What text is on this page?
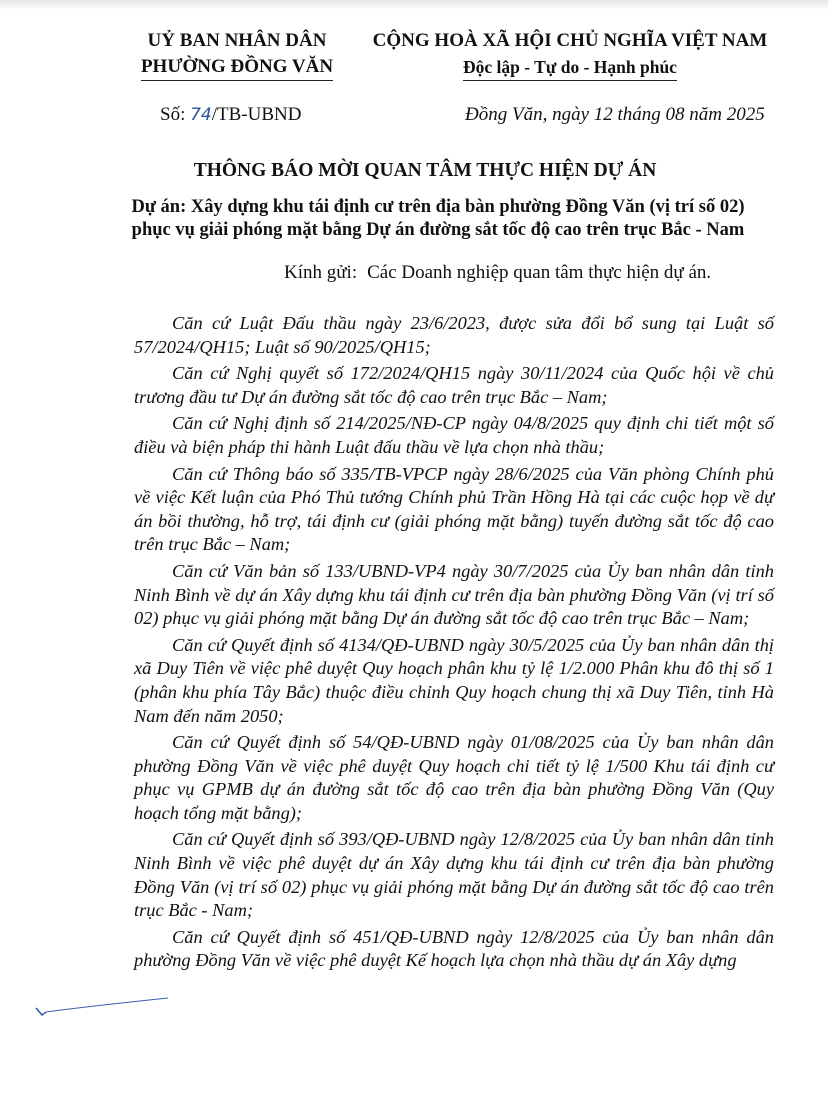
UỶ BAN NHÂN DÂN
PHƯỜNG ĐỒNG VĂN
CỘNG HOÀ XÃ HỘI CHỦ NGHĨA VIỆT NAM
Độc lập - Tự do - Hạnh phúc
Số: 74/TB-UBND	Đồng Văn, ngày 12 tháng 08 năm 2025
THÔNG BÁO MỜI QUAN TÂM THỰC HIỆN DỰ ÁN
Dự án: Xây dựng khu tái định cư trên địa bàn phường Đồng Văn (vị trí số 02)
phục vụ giải phóng mặt bằng Dự án đường sắt tốc độ cao trên trục Bắc - Nam
Kính gửi: Các Doanh nghiệp quan tâm thực hiện dự án.

Căn cứ Luật Đấu thầu ngày 23/6/2023, được sửa đổi bổ sung tại Luật số 57/2024/QH15; Luật số 90/2025/QH15;

Căn cứ Nghị quyết số 172/2024/QH15 ngày 30/11/2024 của Quốc hội về chủ trương đầu tư Dự án đường sắt tốc độ cao trên trục Bắc – Nam;

Căn cứ Nghị định số 214/2025/NĐ-CP ngày 04/8/2025 quy định chi tiết một số điều và biện pháp thi hành Luật đấu thầu về lựa chọn nhà thầu;

Căn cứ Thông báo số 335/TB-VPCP ngày 28/6/2025 của Văn phòng Chính phủ về việc Kết luận của Phó Thủ tướng Chính phủ Trần Hồng Hà tại các cuộc họp về dự án bồi thường, hỗ trợ, tái định cư (giải phóng mặt bằng) tuyến đường sắt tốc độ cao trên trục Bắc – Nam;

Căn cứ Văn bản số 133/UBND-VP4 ngày 30/7/2025 của Ủy ban nhân dân tỉnh Ninh Bình về dự án Xây dựng khu tái định cư trên địa bàn phường Đồng Văn (vị trí số 02) phục vụ giải phóng mặt bằng Dự án đường sắt tốc độ cao trên trục Bắc – Nam;

Căn cứ Quyết định số 4134/QĐ-UBND ngày 30/5/2025 của Ủy ban nhân dân thị xã Duy Tiên về việc phê duyệt Quy hoạch phân khu tỷ lệ 1/2.000 Phân khu đô thị số 1 (phân khu phía Tây Bắc) thuộc điều chỉnh Quy hoạch chung thị xã Duy Tiên, tỉnh Hà Nam đến năm 2050;

Căn cứ Quyết định số 54/QĐ-UBND ngày 01/08/2025 của Ủy ban nhân dân phường Đồng Văn về việc phê duyệt Quy hoạch chi tiết tỷ lệ 1/500 Khu tái định cư phục vụ GPMB dự án đường sắt tốc độ cao trên địa bàn phường Đồng Văn (Quy hoạch tổng mặt bằng);

Căn cứ Quyết định số 393/QĐ-UBND ngày 12/8/2025 của Ủy ban nhân dân tỉnh Ninh Bình về việc phê duyệt dự án Xây dựng khu tái định cư trên địa bàn phường Đồng Văn (vị trí số 02) phục vụ giải phóng mặt bằng Dự án đường sắt tốc độ cao trên trục Bắc - Nam;

Căn cứ Quyết định số 451/QĐ-UBND ngày 12/8/2025 của Ủy ban nhân dân phường Đồng Văn về việc phê duyệt Kế hoạch lựa chọn nhà thầu dự án Xây dựng
